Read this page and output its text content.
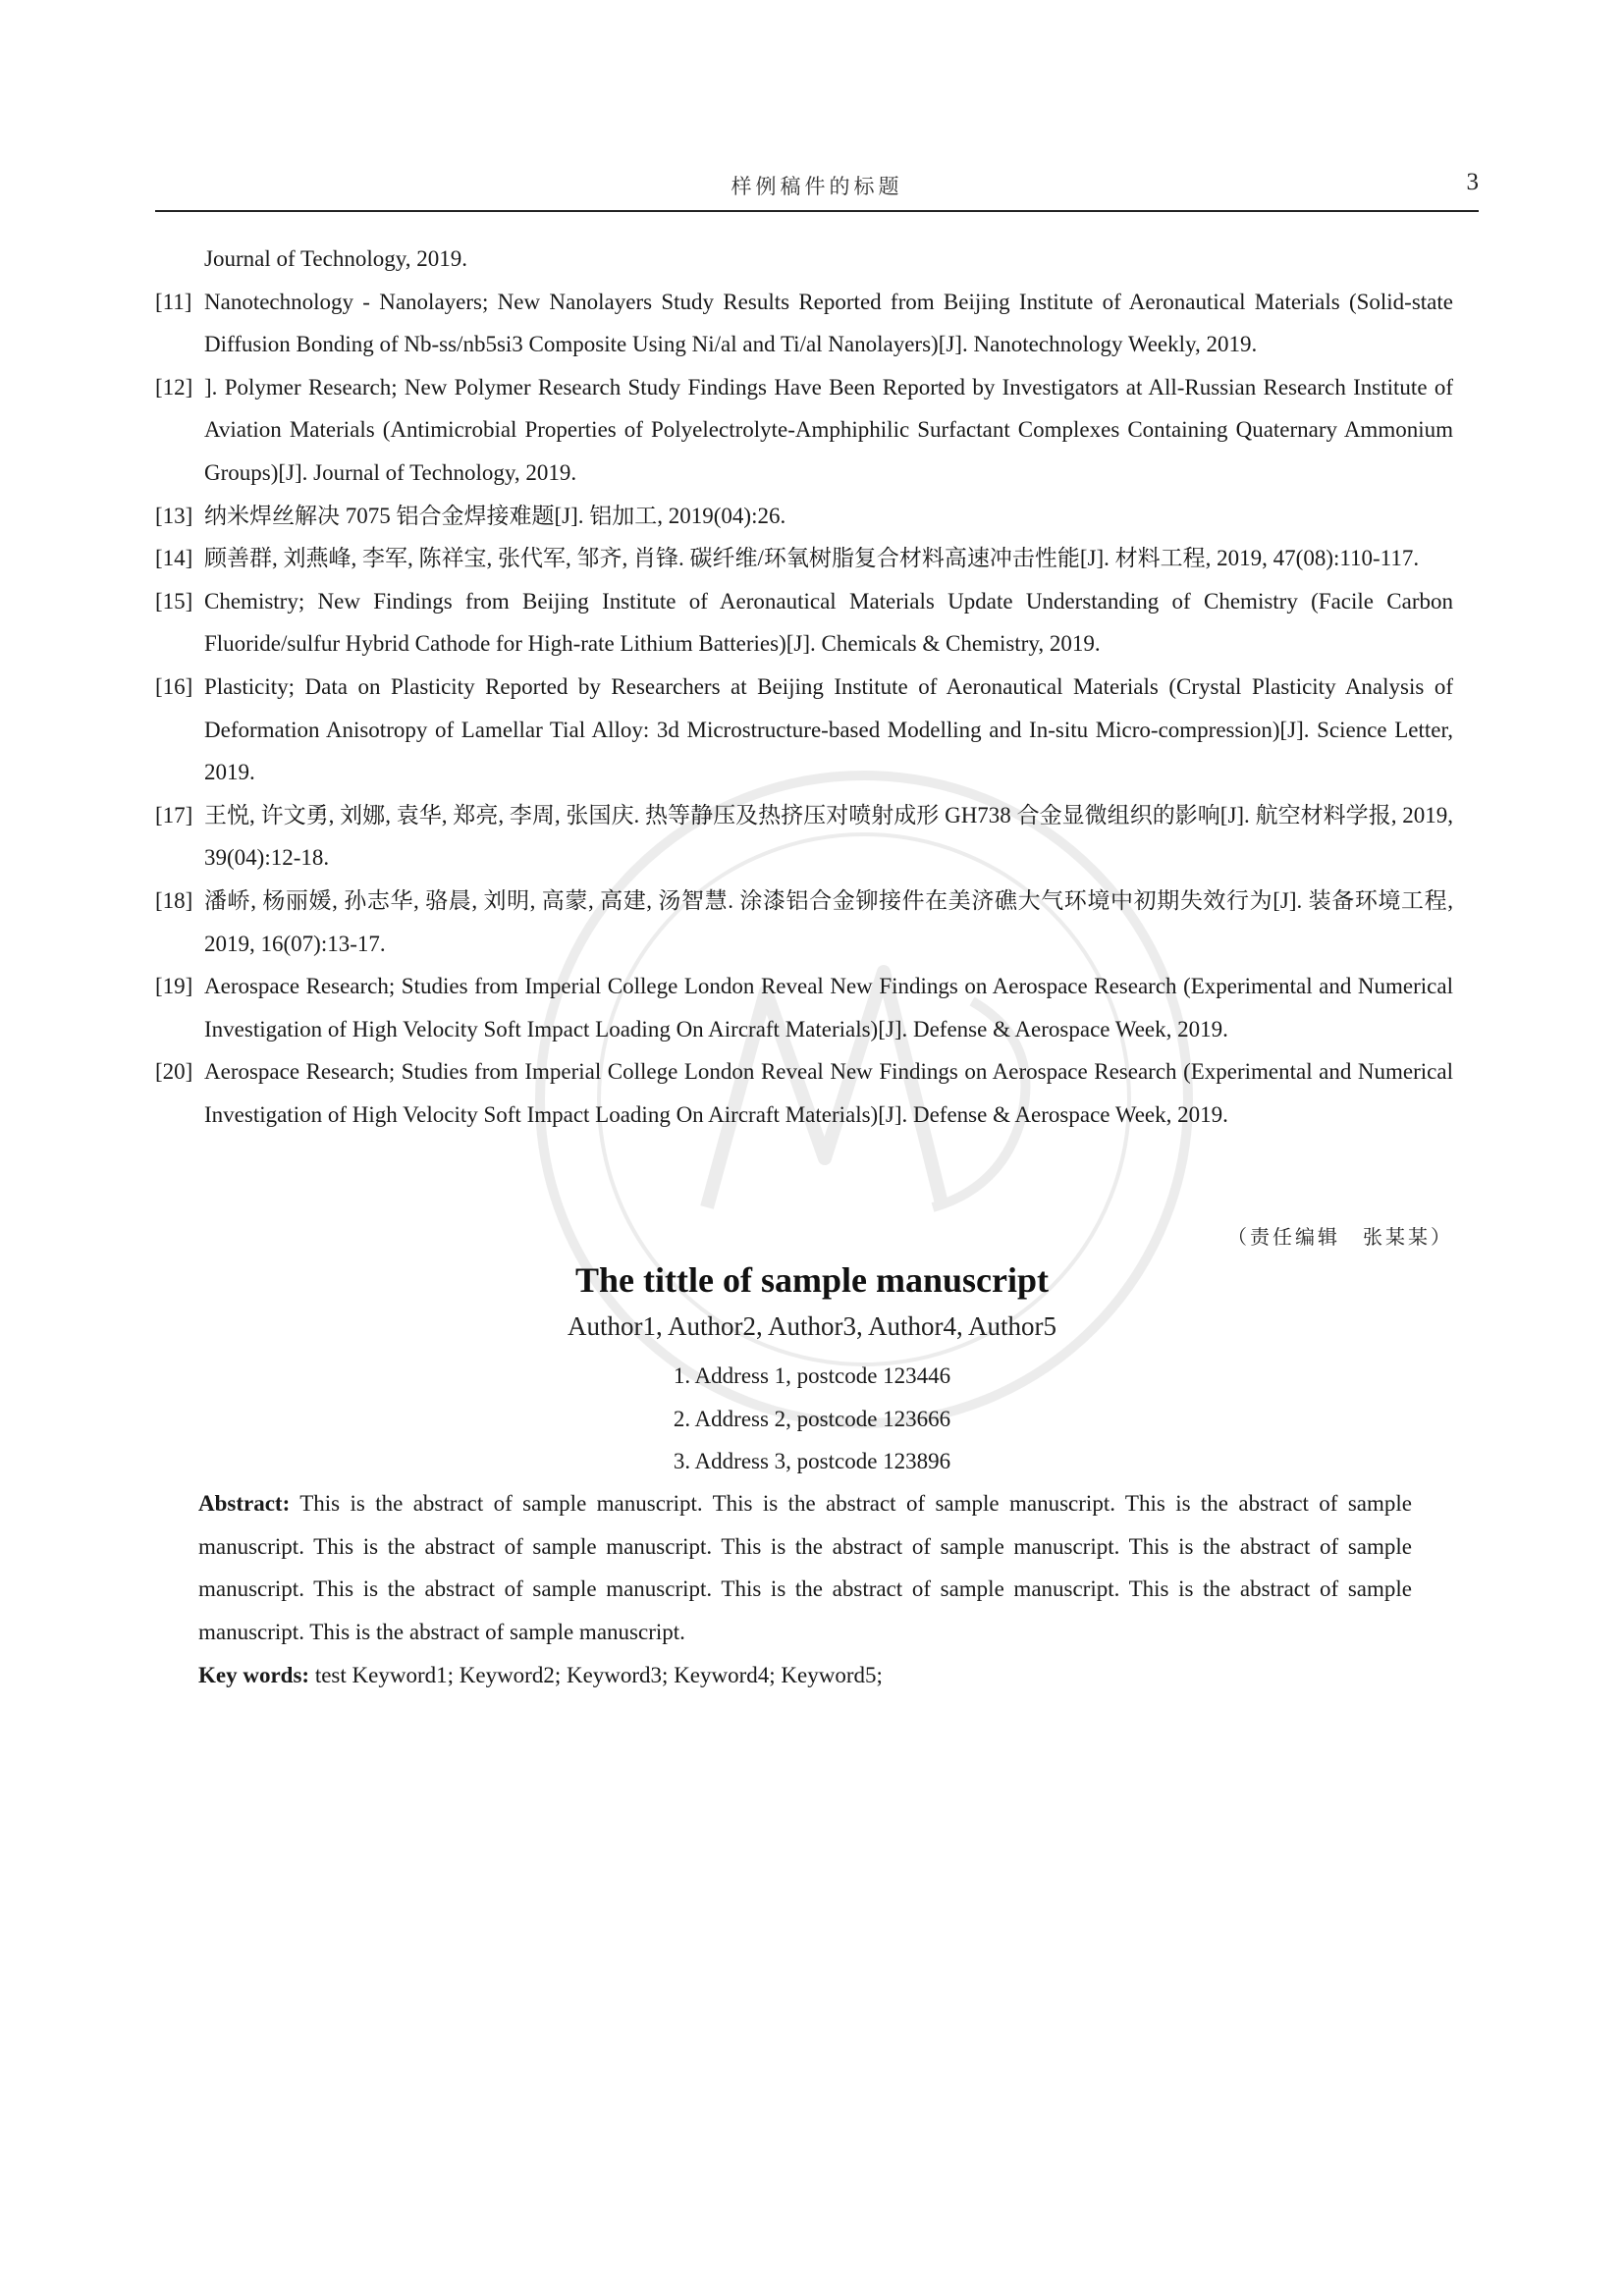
样例稿件的标题	3
Journal of Technology, 2019.
[11] Nanotechnology - Nanolayers; New Nanolayers Study Results Reported from Beijing Institute of Aeronautical Materials (Solid-state Diffusion Bonding of Nb-ss/nb5si3 Composite Using Ni/al and Ti/al Nanolayers)[J]. Nanotechnology Weekly, 2019.
[12] ]. Polymer Research; New Polymer Research Study Findings Have Been Reported by Investigators at All-Russian Research Institute of Aviation Materials (Antimicrobial Properties of Polyelectrolyte-Amphiphilic Surfactant Complexes Containing Quaternary Ammonium Groups)[J]. Journal of Technology, 2019.
[13] 纳米焊丝解决 7075 铝合金焊接难题[J]. 铝加工, 2019(04):26.
[14] 顾善群, 刘燕峰, 李军, 陈祥宝, 张代军, 邹齐, 肖锋. 碳纤维/环氧树脂复合材料高速冲击性能[J]. 材料工程, 2019, 47(08):110-117.
[15] Chemistry; New Findings from Beijing Institute of Aeronautical Materials Update Understanding of Chemistry (Facile Carbon Fluoride/sulfur Hybrid Cathode for High-rate Lithium Batteries)[J]. Chemicals & Chemistry, 2019.
[16] Plasticity; Data on Plasticity Reported by Researchers at Beijing Institute of Aeronautical Materials (Crystal Plasticity Analysis of Deformation Anisotropy of Lamellar Tial Alloy: 3d Microstructure-based Modelling and In-situ Micro-compression)[J]. Science Letter, 2019.
[17] 王悦, 许文勇, 刘娜, 袁华, 郑亮, 李周, 张国庆. 热等静压及热挤压对喷射成形 GH738 合金显微组织的影响[J]. 航空材料学报, 2019, 39(04):12-18.
[18] 潘峤, 杨丽媛, 孙志华, 骆晨, 刘明, 高蒙, 高建, 汤智慧. 涂漆铝合金铆接件在美济礁大气环境中初期失效行为[J]. 装备环境工程, 2019, 16(07):13-17.
[19] Aerospace Research; Studies from Imperial College London Reveal New Findings on Aerospace Research (Experimental and Numerical Investigation of High Velocity Soft Impact Loading On Aircraft Materials)[J]. Defense & Aerospace Week, 2019.
[20] Aerospace Research; Studies from Imperial College London Reveal New Findings on Aerospace Research (Experimental and Numerical Investigation of High Velocity Soft Impact Loading On Aircraft Materials)[J]. Defense & Aerospace Week, 2019.
（责任编辑　张某某）
The tittle of sample manuscript
Author1, Author2, Author3, Author4, Author5
1. Address 1, postcode 123446
2. Address 2, postcode 123666
3. Address 3, postcode 123896
Abstract: This is the abstract of sample manuscript. This is the abstract of sample manuscript. This is the abstract of sample manuscript. This is the abstract of sample manuscript. This is the abstract of sample manuscript. This is the abstract of sample manuscript. This is the abstract of sample manuscript. This is the abstract of sample manuscript. This is the abstract of sample manuscript. This is the abstract of sample manuscript.
Key words: test Keyword1; Keyword2; Keyword3; Keyword4; Keyword5;
